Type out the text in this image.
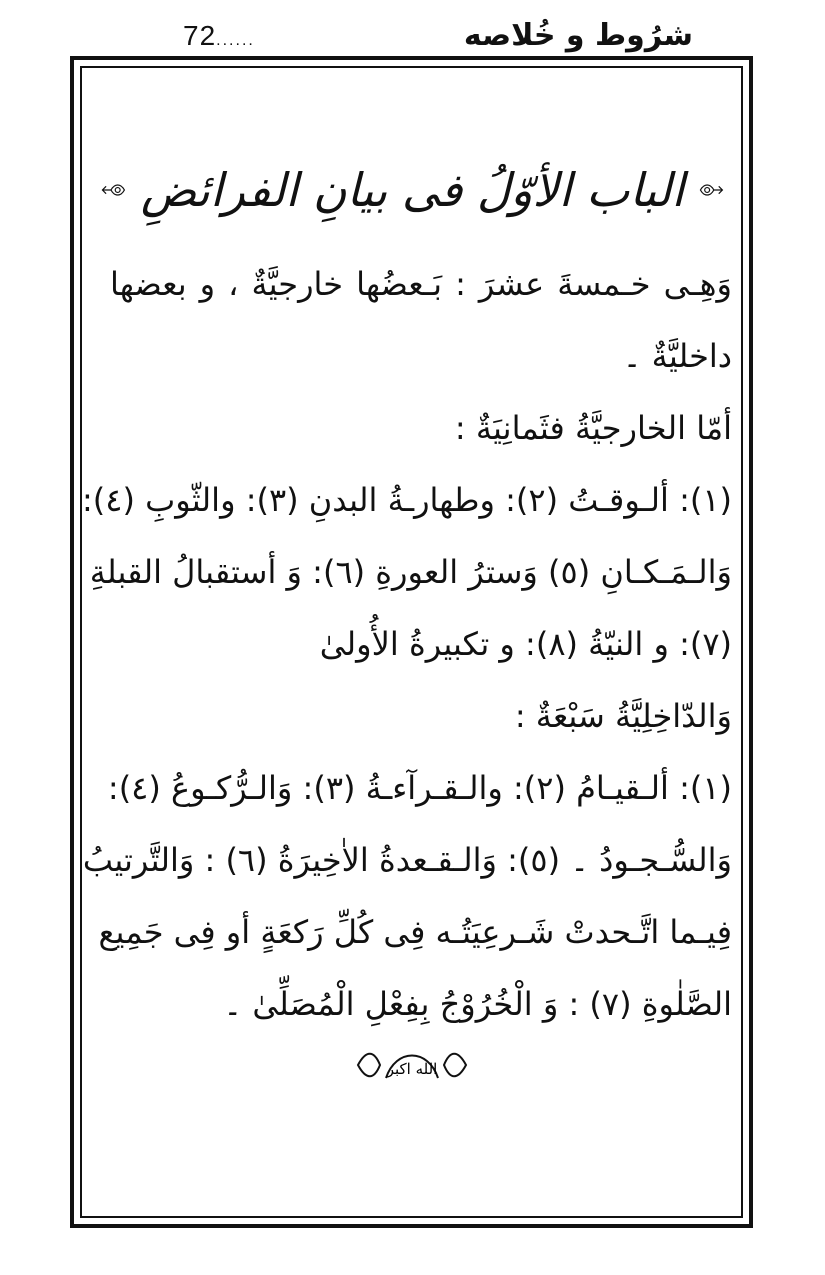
72......	شرُوط و خُلاصه
الباب الأوّلُ فى بيانِ الفرائضِ
وَهِـى خـمسةَ عشرَ : بَـعضُها خارجيَّةٌ ، و بعضها
داخليَّةٌ ۔
أمّا الخارجيَّةُ فثَمانِيَةٌ :
(١): ألـوقـتُ (٢): وطهارـةُ البدنِ (٣): والثّوبِ (٤):
وَالـمَـكـانِ (٥) وَسترُ العورةِ (٦): وَ أستقبالُ القبلةِ
(٧): و النيّةُ (٨): و تكبيرةُ الأُولىٰ
وَالدّاخِلِيَّةُ سَبْعَةٌ :
(١): ألـقيـامُ (٢): والـقـرآءـةُ (٣): وَالـرُّكـوعُ (٤):
وَالسُّـجـودُ ۔ (٥): وَالـقـعدةُ الاٰخِيرَةُ (٦) : وَالتَّرتيبُ
فِيـما اتَّـحدتْ شَـرعِيَتُـه فِى كُلِّ رَكعَةٍ أو فِى جَمِيع
الصَّلٰوةِ (٧) : وَ الْخُرُوْجُ بِفِعْلِ الْمُصَلِّىٰ ۔
الله اكبر
